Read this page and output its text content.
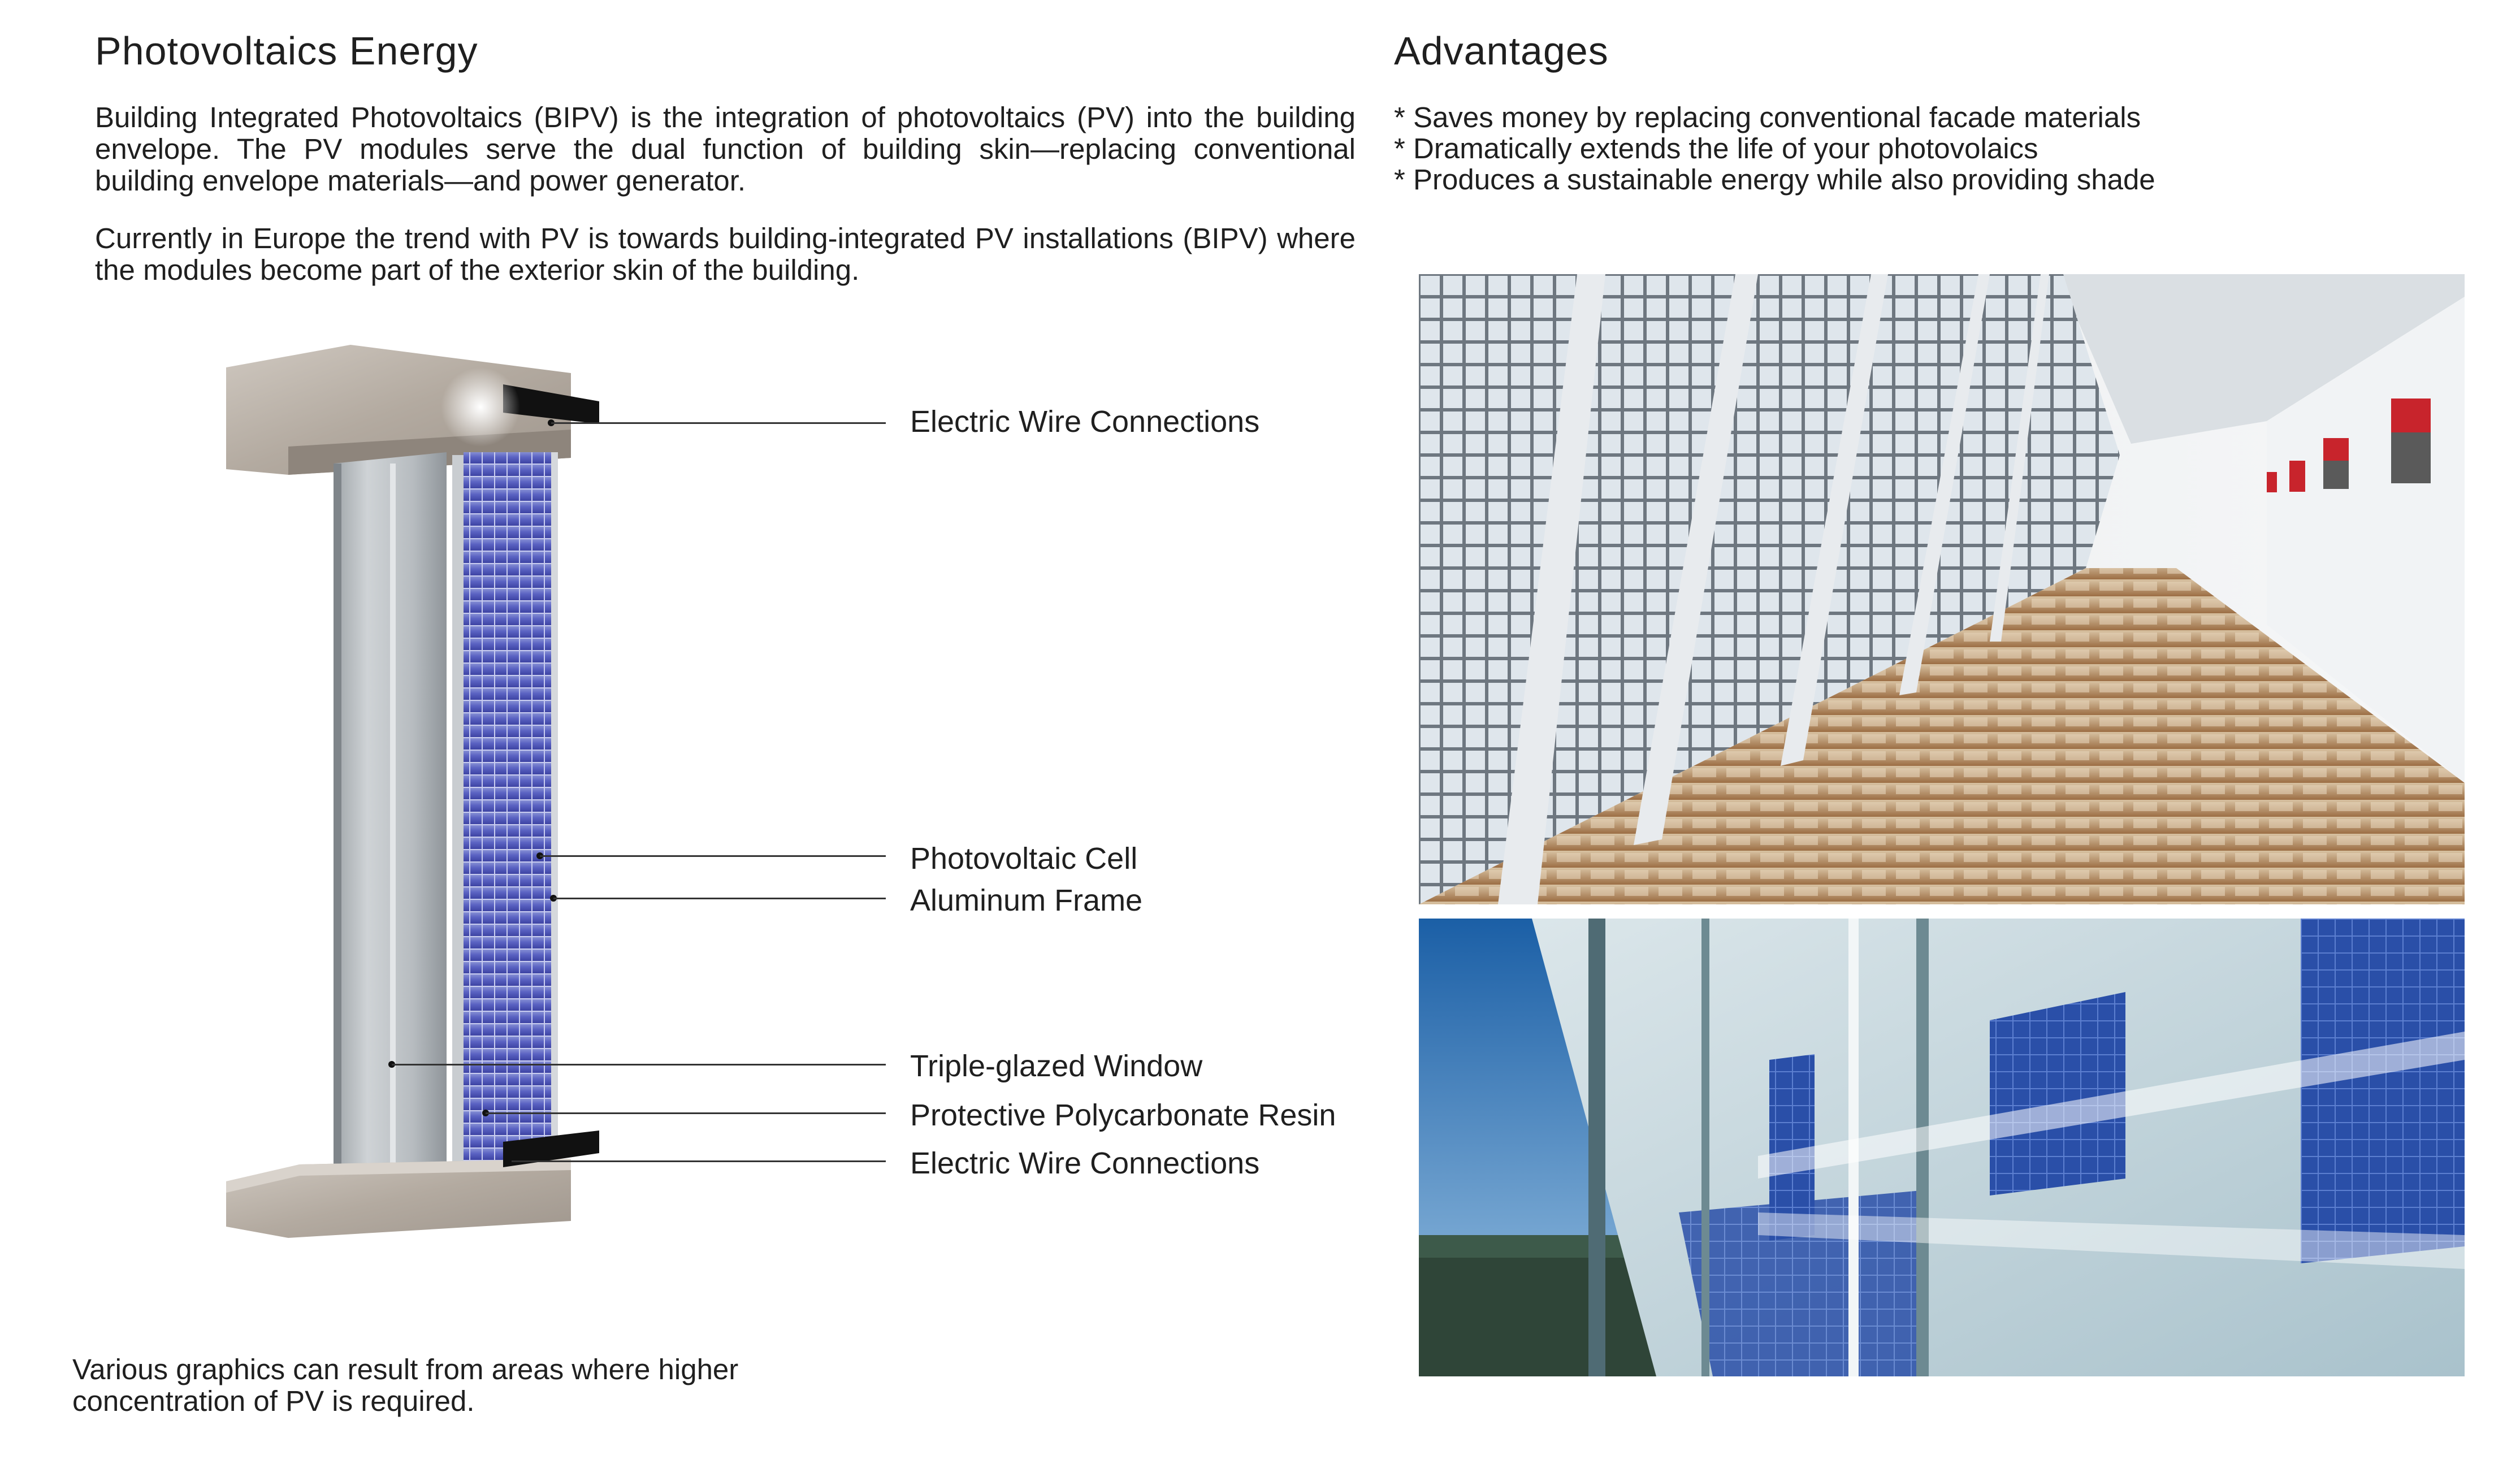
Photovoltaics Energy

Building Integrated Photovoltaics (BIPV) is the integration of photovoltaics (PV) into the building envelope. The PV modules serve the dual function of building skin—replacing conventional building envelope materials—and power generator.

Currently in Europe the trend with PV is towards building-integrated PV installations (BIPV) where the modules become part of the exterior skin of the building.

Electric Wire Connections
Photovoltaic Cell
Aluminum Frame
Triple-glazed Window
Protective Polycarbonate Resin
Electric Wire Connections

Various graphics can result from areas where higher concentration of PV is required.

Advantages
* Saves money by replacing conventional facade materials
* Dramatically extends the life of your photovolaics
* Produces a sustainable energy while also providing shade
